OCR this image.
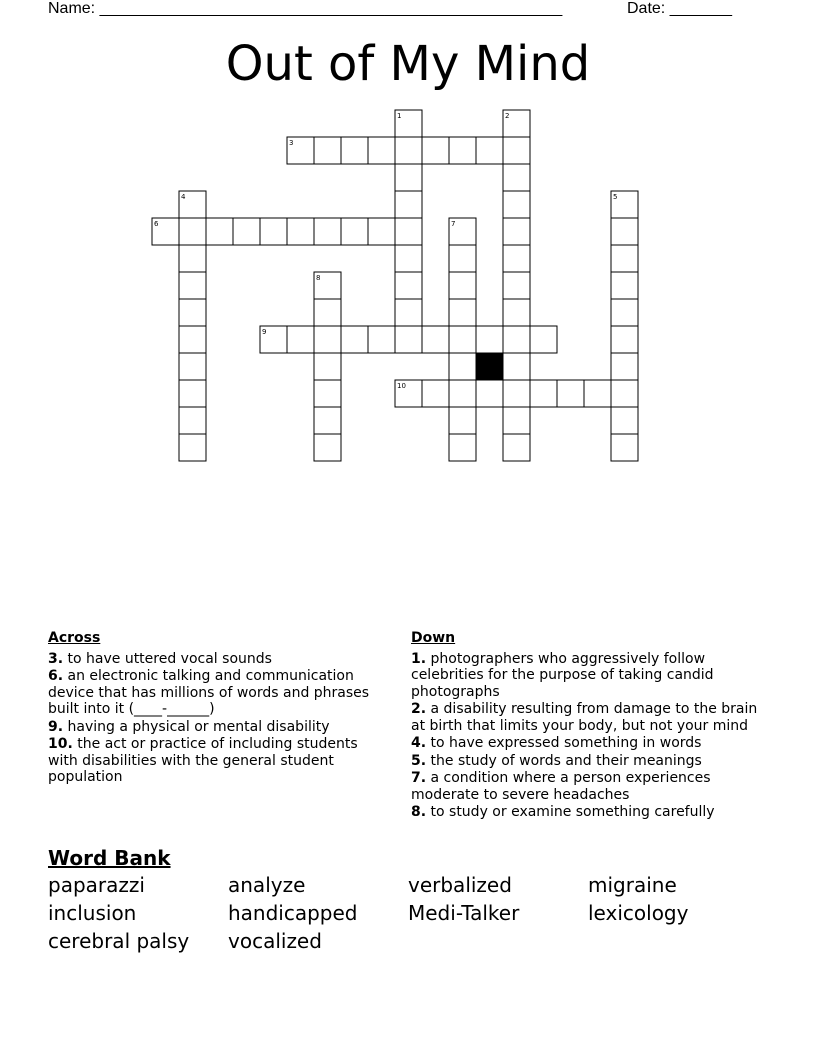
Name: ____________________________________________________	Date: _______
Out of My Mind
3
6
9
10
1	2
4	5
7
8
Across
3. to have uttered vocal sounds
6. an electronic talking and communication device that has millions of words and phrases built into it (____-______)
9. having a physical or mental disability
10. the act or practice of including students with disabilities with the general student population
Down
1. photographers who aggressively follow celebrities for the purpose of taking candid photographs
2. a disability resulting from damage to the brain at birth that limits your body, but not your mind
4. to have expressed something in words
5. the study of words and their meanings
7. a condition where a person experiences moderate to severe headaches
8. to study or examine something carefully
Word Bank
paparazzi	analyze	verbalized	migraine
inclusion	handicapped	Medi-Talker	lexicology
cerebral palsy	vocalized
